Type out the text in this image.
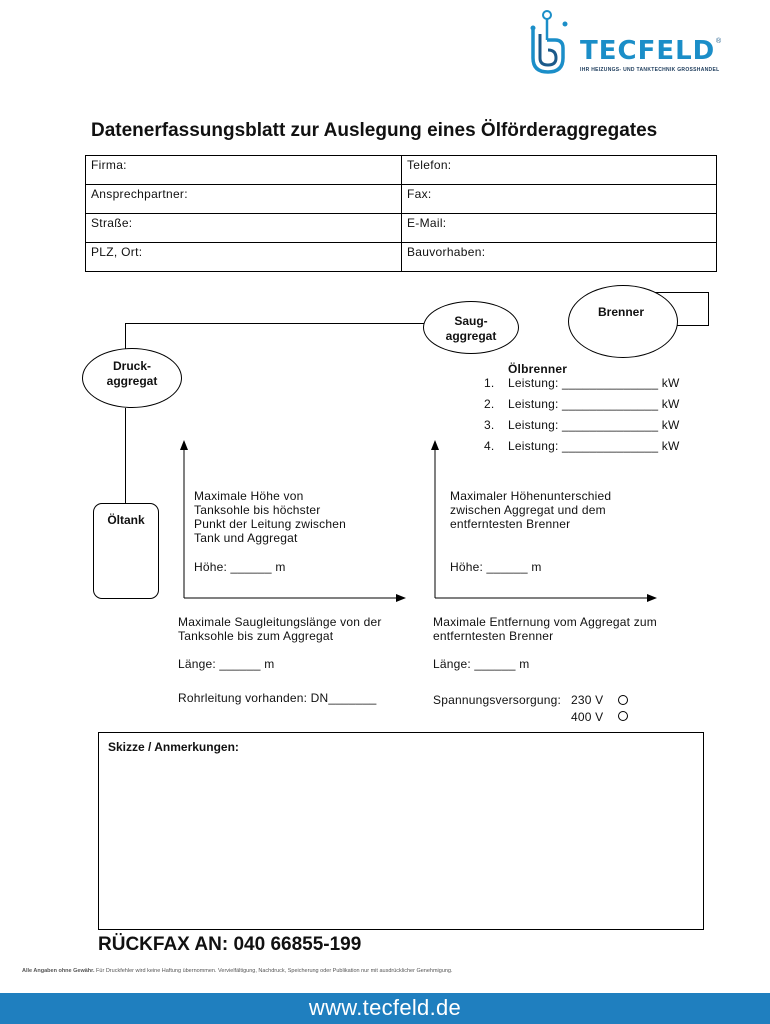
TECFELD ®
IHR HEIZUNGS- UND TANKTECHNIK GROSSHANDEL
Datenerfassungsblatt zur Auslegung eines Ölförderaggregates
Firma:	Telefon:
Ansprechpartner:	Fax:
Straße:	E-Mail:
PLZ, Ort:	Bauvorhaben:
Brenner
Saug-
aggregat
Druck-
aggregat
Öltank
Ölbrenner
1. Leistung: ______________ kW
2. Leistung: ______________ kW
3. Leistung: ______________ kW
4. Leistung: ______________ kW
Maximale Höhe von
Tanksohle bis höchster
Punkt der Leitung zwischen
Tank und Aggregat
Höhe: ______ m
Maximaler Höhenunterschied
zwischen Aggregat und dem
entferntesten Brenner
Höhe: ______ m
Maximale Saugleitungslänge von der
Tanksohle bis zum Aggregat
Länge: ______ m
Rohrleitung vorhanden: DN_______
Maximale Entfernung vom Aggregat zum
entferntesten Brenner
Länge: ______ m
Spannungsversorgung: 230 V
400 V
Skizze / Anmerkungen:
RÜCKFAX AN: 040 66855-199
Alle Angaben ohne Gewähr. Für Druckfehler wird keine Haftung übernommen. Vervielfältigung, Nachdruck, Speicherung oder Publikation nur mit ausdrücklicher Genehmigung.
www.tecfeld.de
